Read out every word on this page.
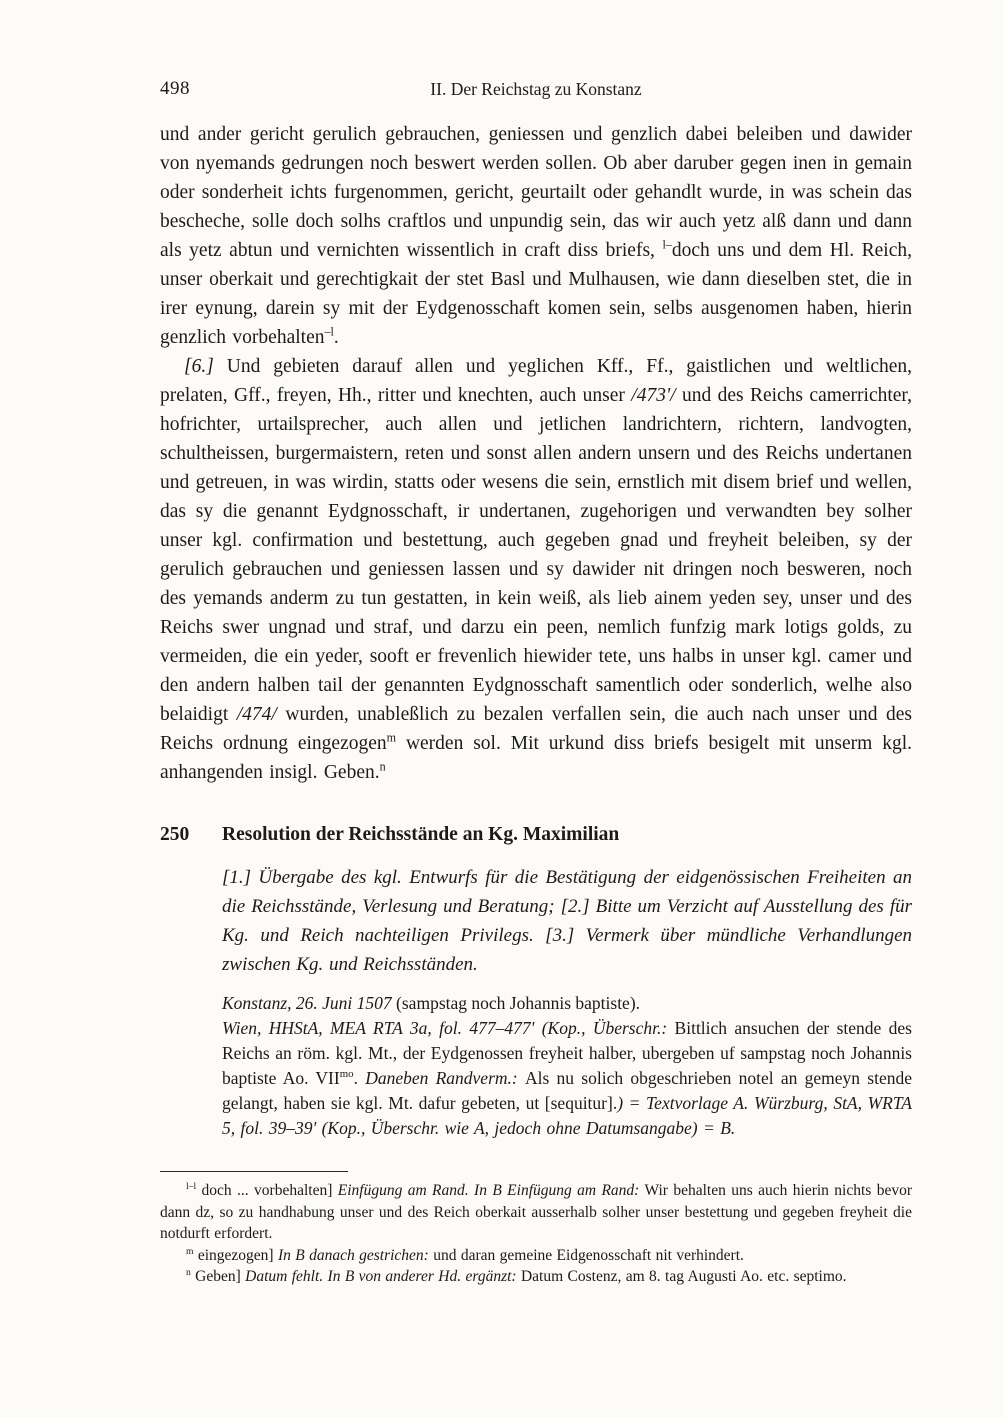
498	II. Der Reichstag zu Konstanz

und ander gericht gerulich gebrauchen, geniessen und genzlich dabei beleiben und dawider von nyemands gedrungen noch beswert werden sollen. Ob aber daruber gegen inen in gemain oder sonderheit ichts furgenommen, gericht, geurtailt oder gehandlt wurde, in was schein das bescheche, solle doch solhs craftlos und unpundig sein, das wir auch yetz alß dann und dann als yetz abtun und vernichten wissentlich in craft diss briefs, $^{l-}$doch uns und dem Hl. Reich, unser oberkait und gerechtigkait der stet Basl und Mulhausen, wie dann dieselben stet, die in irer eynung, darein sy mit der Eydgenosschaft komen sein, selbs ausgenomen haben, hierin genzlich vorbehalten$^{-l}$.

[6.] Und gebieten darauf allen und yeglichen Kff., Ff., gaistlichen und weltlichen, prelaten, Gff., freyen, Hh., ritter und knechten, auch unser /473'/ und des Reichs camerrichter, hofrichter, urtailsprecher, auch allen und jetlichen landrichtern, richtern, landvogten, schultheissen, burgermaistern, reten und sonst allen andern unsern und des Reichs undertanen und getreuen, in was wirdin, statts oder wesens die sein, ernstlich mit disem brief und wellen, das sy die genannt Eydgnosschaft, ir undertanen, zugehorigen und verwandten bey solher unser kgl. confirmation und bestettung, auch gegeben gnad und freyheit beleiben, sy der gerulich gebrauchen und geniessen lassen und sy dawider nit dringen noch besweren, noch des yemands anderm zu tun gestatten, in kein weiß, als lieb ainem yeden sey, unser und des Reichs swer ungnad und straf, und darzu ein peen, nemlich funfzig mark lotigs golds, zu vermeiden, die ein yeder, sooft er frevenlich hiewider tete, uns halbs in unser kgl. camer und den andern halben tail der genannten Eydgnosschaft samentlich oder sonderlich, welhe also belaidigt /474/ wurden, unableßlich zu bezalen verfallen sein, die auch nach unser und des Reichs ordnung eingezogen$^m$ werden sol. Mit urkund diss briefs besigelt mit unserm kgl. anhangenden insigl. Geben.$^n$

250	Resolution der Reichsstände an Kg. Maximilian

[1.] Übergabe des kgl. Entwurfs für die Bestätigung der eidgenössischen Freiheiten an die Reichsstände, Verlesung und Beratung; [2.] Bitte um Verzicht auf Ausstellung des für Kg. und Reich nachteiligen Privilegs. [3.] Vermerk über mündliche Verhandlungen zwischen Kg. und Reichsständen.

Konstanz, 26. Juni 1507 (sampstag noch Johannis baptiste).

Wien, HHStA, MEA RTA 3a, fol. 477–477' (Kop., Überschr.: Bittlich ansuchen der stende des Reichs an röm. kgl. Mt., der Eydgenossen freyheit halber, ubergeben uf sampstag noch Johannis baptiste Ao. $VII^{mo}$. Daneben Randverm.: Als nu solich obgeschrieben notel an gemeyn stende gelangt, haben sie kgl. Mt. dafur gebeten, ut [sequitur].) = Textvorlage A. Würzburg, StA, WRTA 5, fol. 39–39' (Kop., Überschr. wie A, jedoch ohne Datumsangabe) = B.

$^{l-l}$ doch ... vorbehalten] Einfügung am Rand. In B Einfügung am Rand: Wir behalten uns auch hierin nichts bevor dann dz, so zu handhabung unser und des Reich oberkait ausserhalb solher unser bestettung und gegeben freyheit die notdurft erfordert.

$^m$ eingezogen] In B danach gestrichen: und daran gemeine Eidgenosschaft nit verhindert.

$^n$ Geben] Datum fehlt. In B von anderer Hd. ergänzt: Datum Costenz, am 8. tag Augusti Ao. etc. septimo.
